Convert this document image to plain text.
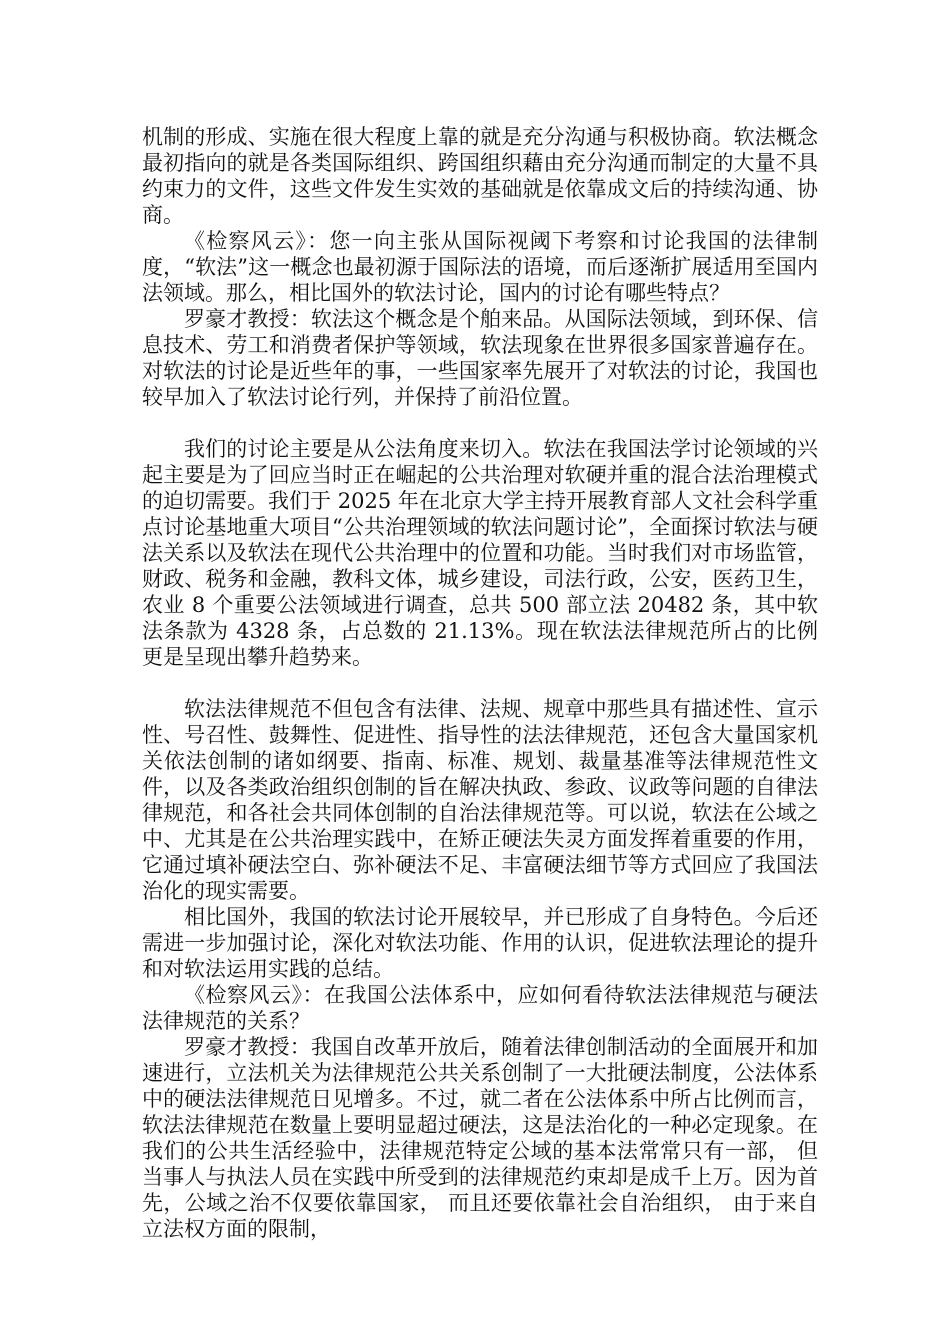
机制的形成、实施在很大程度上靠的就是充分沟通与积极协商。软法概念最初指向的就是各类国际组织、跨国组织藉由充分沟通而制定的大量不具约束力的文件，这些文件发生实效的基础就是依靠成文后的持续沟通、协商。

《检察风云》：您一向主张从国际视阈下考察和讨论我国的法律制度，“软法”这一概念也最初源于国际法的语境，而后逐渐扩展适用至国内法领域。那么，相比国外的软法讨论，国内的讨论有哪些特点？

罗豪才教授：软法这个概念是个舶来品。从国际法领域，到环保、信息技术、劳工和消费者保护等领域，软法现象在世界很多国家普遍存在。对软法的讨论是近些年的事，一些国家率先展开了对软法的讨论，我国也较早加入了软法讨论行列，并保持了前沿位置。

我们的讨论主要是从公法角度来切入。软法在我国法学讨论领域的兴起主要是为了回应当时正在崛起的公共治理对软硬并重的混合法治理模式的迫切需要。我们于 2025 年在北京大学主持开展教育部人文社会科学重点讨论基地重大项目“公共治理领域的软法问题讨论”，全面探讨软法与硬法关系以及软法在现代公共治理中的位置和功能。当时我们对市场监管，财政、税务和金融，教科文体，城乡建设，司法行政，公安，医药卫生，农业 8 个重要公法领域进行调查，总共 500 部立法 20482 条，其中软法条款为 4328 条，占总数的 21.13%。现在软法法律规范所占的比例更是呈现出攀升趋势来。

软法法律规范不但包含有法律、法规、规章中那些具有描述性、宣示性、号召性、鼓舞性、促进性、指导性的法法律规范，还包含大量国家机关依法创制的诸如纲要、指南、标准、规划、裁量基准等法律规范性文件，以及各类政治组织创制的旨在解决执政、参政、议政等问题的自律法律规范，和各社会共同体创制的自治法律规范等。可以说，软法在公域之中、尤其是在公共治理实践中，在矫正硬法失灵方面发挥着重要的作用，它通过填补硬法空白、弥补硬法不足、丰富硬法细节等方式回应了我国法治化的现实需要。

相比国外，我国的软法讨论开展较早，并已形成了自身特色。今后还需进一步加强讨论，深化对软法功能、作用的认识，促进软法理论的提升和对软法运用实践的总结。

《检察风云》：在我国公法体系中，应如何看待软法法律规范与硬法法律规范的关系？

罗豪才教授：我国自改革开放后，随着法律创制活动的全面展开和加速进行，立法机关为法律规范公共关系创制了一大批硬法制度，公法体系中的硬法法律规范日见增多。不过，就二者在公法体系中所占比例而言，软法法律规范在数量上要明显超过硬法，这是法治化的一种必定现象。在我们的公共生活经验中，法律规范特定公域的基本法常常只有一部， 但当事人与执法人员在实践中所受到的法律规范约束却是成千上万。因为首先，公域之治不仅要依靠国家， 而且还要依靠社会自治组织， 由于来自立法权方面的限制，
